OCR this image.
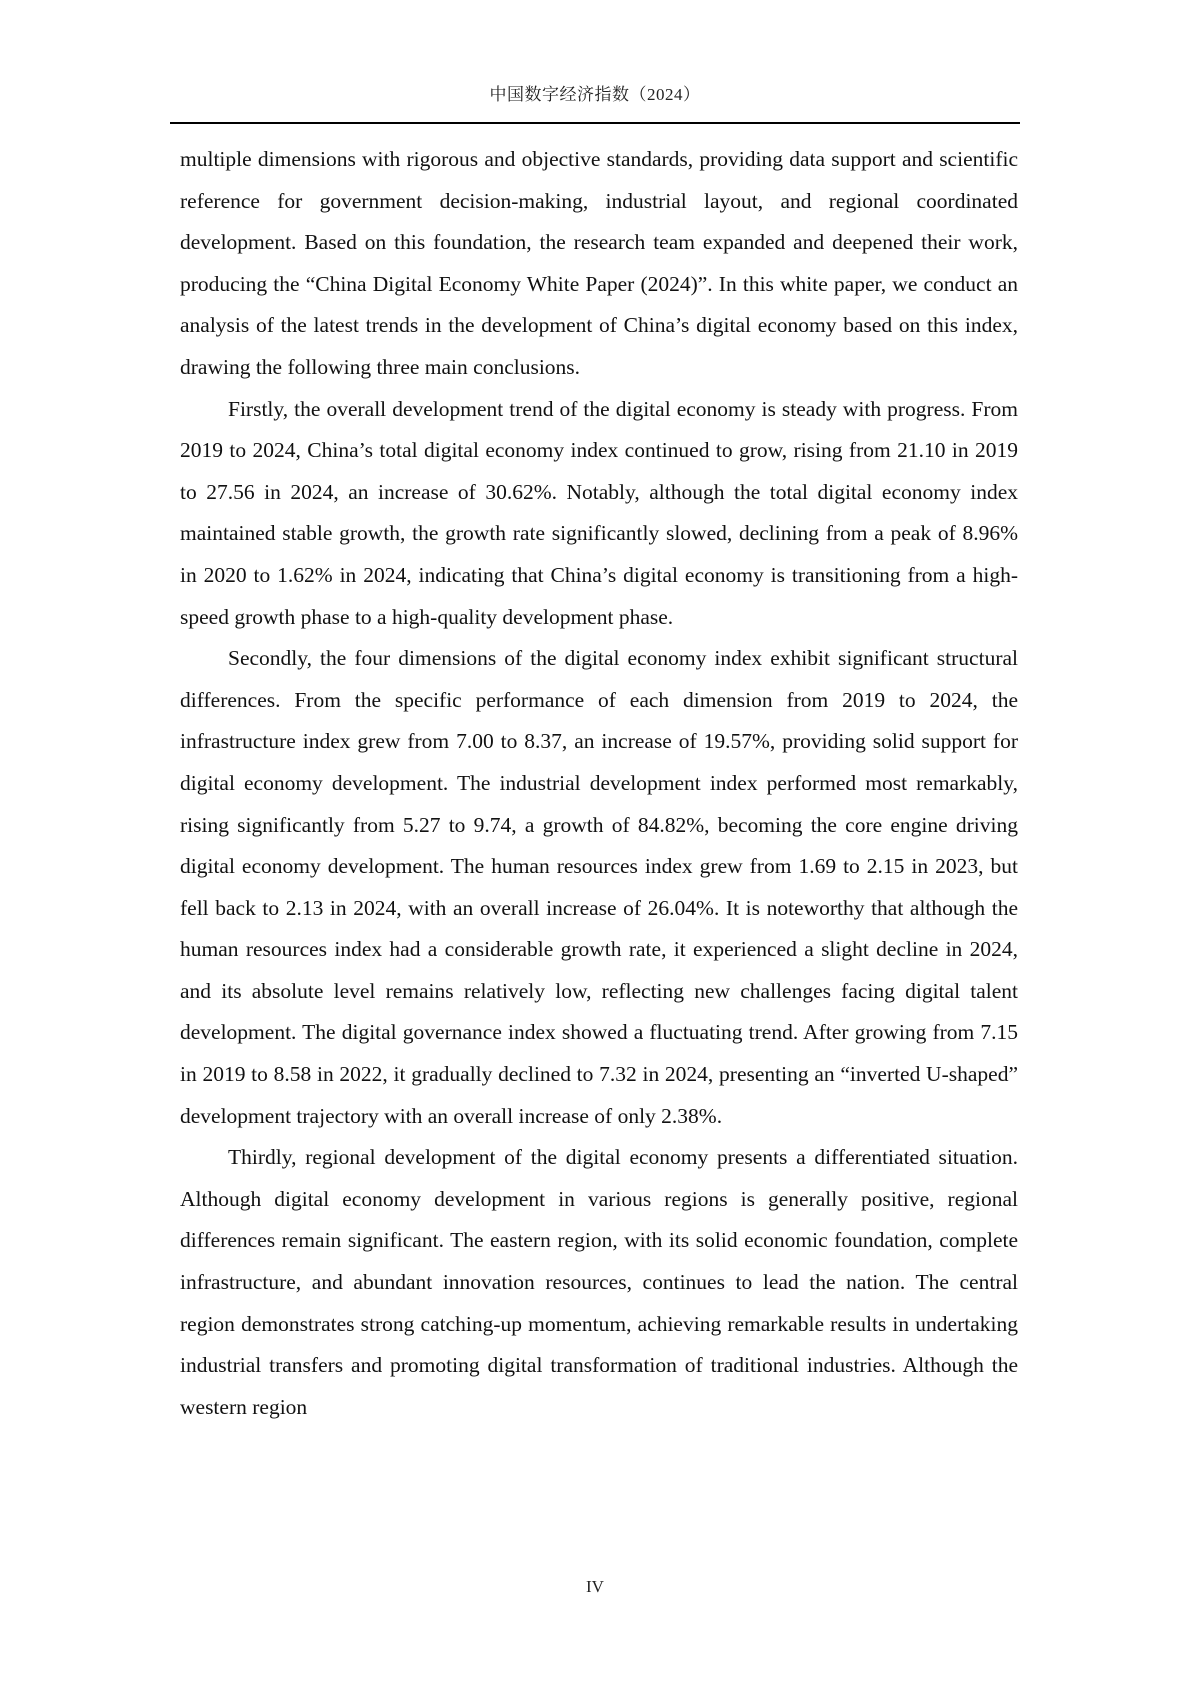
中国数字经济指数（2024）

multiple dimensions with rigorous and objective standards, providing data support and scientific reference for government decision-making, industrial layout, and regional coordinated development. Based on this foundation, the research team expanded and deepened their work, producing the “China Digital Economy White Paper (2024)”. In this white paper, we conduct an analysis of the latest trends in the development of China’s digital economy based on this index, drawing the following three main conclusions.

Firstly, the overall development trend of the digital economy is steady with progress. From 2019 to 2024, China’s total digital economy index continued to grow, rising from 21.10 in 2019 to 27.56 in 2024, an increase of 30.62%. Notably, although the total digital economy index maintained stable growth, the growth rate significantly slowed, declining from a peak of 8.96% in 2020 to 1.62% in 2024, indicating that China’s digital economy is transitioning from a high-speed growth phase to a high-quality development phase.

Secondly, the four dimensions of the digital economy index exhibit significant structural differences. From the specific performance of each dimension from 2019 to 2024, the infrastructure index grew from 7.00 to 8.37, an increase of 19.57%, providing solid support for digital economy development. The industrial development index performed most remarkably, rising significantly from 5.27 to 9.74, a growth of 84.82%, becoming the core engine driving digital economy development. The human resources index grew from 1.69 to 2.15 in 2023, but fell back to 2.13 in 2024, with an overall increase of 26.04%. It is noteworthy that although the human resources index had a considerable growth rate, it experienced a slight decline in 2024, and its absolute level remains relatively low, reflecting new challenges facing digital talent development. The digital governance index showed a fluctuating trend. After growing from 7.15 in 2019 to 8.58 in 2022, it gradually declined to 7.32 in 2024, presenting an “inverted U-shaped” development trajectory with an overall increase of only 2.38%.

Thirdly, regional development of the digital economy presents a differentiated situation. Although digital economy development in various regions is generally positive, regional differences remain significant. The eastern region, with its solid economic foundation, complete infrastructure, and abundant innovation resources, continues to lead the nation. The central region demonstrates strong catching-up momentum, achieving remarkable results in undertaking industrial transfers and promoting digital transformation of traditional industries. Although the western region

IV
